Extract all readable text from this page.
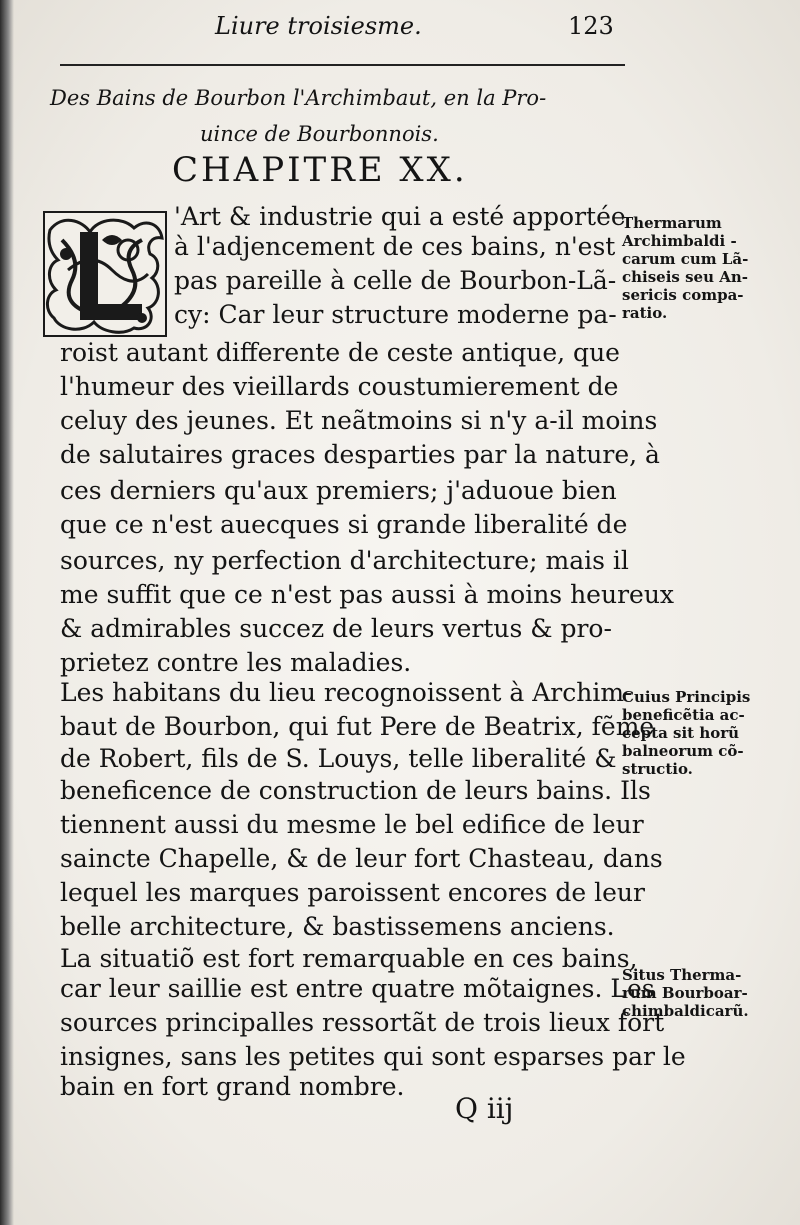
Liure troisiesme.	123
Des Bains de Bourbon l'Archimbaut, en la Pro-
uince de Bourbonnois.
CHAPITRE XX.
'Art & industrie qui a esté apportée
à l'adjencement de ces bains, n'est
pas pareille à celle de Bourbon-Lã-
cy: Car leur structure moderne pa-
roist autant differente de ceste antique, que
l'humeur des vieillards coustumierement de
celuy des jeunes. Et neãtmoins si n'y a-il moins
de salutaires graces desparties par la nature, à
ces derniers qu'aux premiers; j'aduoue bien
que ce n'est auecques si grande liberalité de
sources, ny perfection d'architecture; mais il
me suffit que ce n'est pas aussi à moins heureux
& admirables succez de leurs vertus & pro-
prietez contre les maladies.
Les habitans du lieu recognoissent à Archim-
baut de Bourbon, qui fut Pere de Beatrix, fẽme
de Robert, fils de S. Louys, telle liberalité &
beneficence de construction de leurs bains. Ils
tiennent aussi du mesme le bel edifice de leur
saincte Chapelle, & de leur fort Chasteau, dans
lequel les marques paroissent encores de leur
belle architecture, & bastissemens anciens.
La situatiõ est fort remarquable en ces bains,
car leur saillie est entre quatre mõtaignes. Les
sources principalles ressortãt de trois lieux fort
insignes, sans les petites qui sont esparses par le
bain en fort grand nombre.
Thermarum
Archimbaldi -
carum cum Lã-
chiseis seu An-
sericis compa-
ratio.
Cuius Principis
beneficẽtia ac-
cepta sit horũ
balneorum cõ-
structio.
Situs Therma-
rum Bourboar-
chimbaldicarũ.
Q iij
